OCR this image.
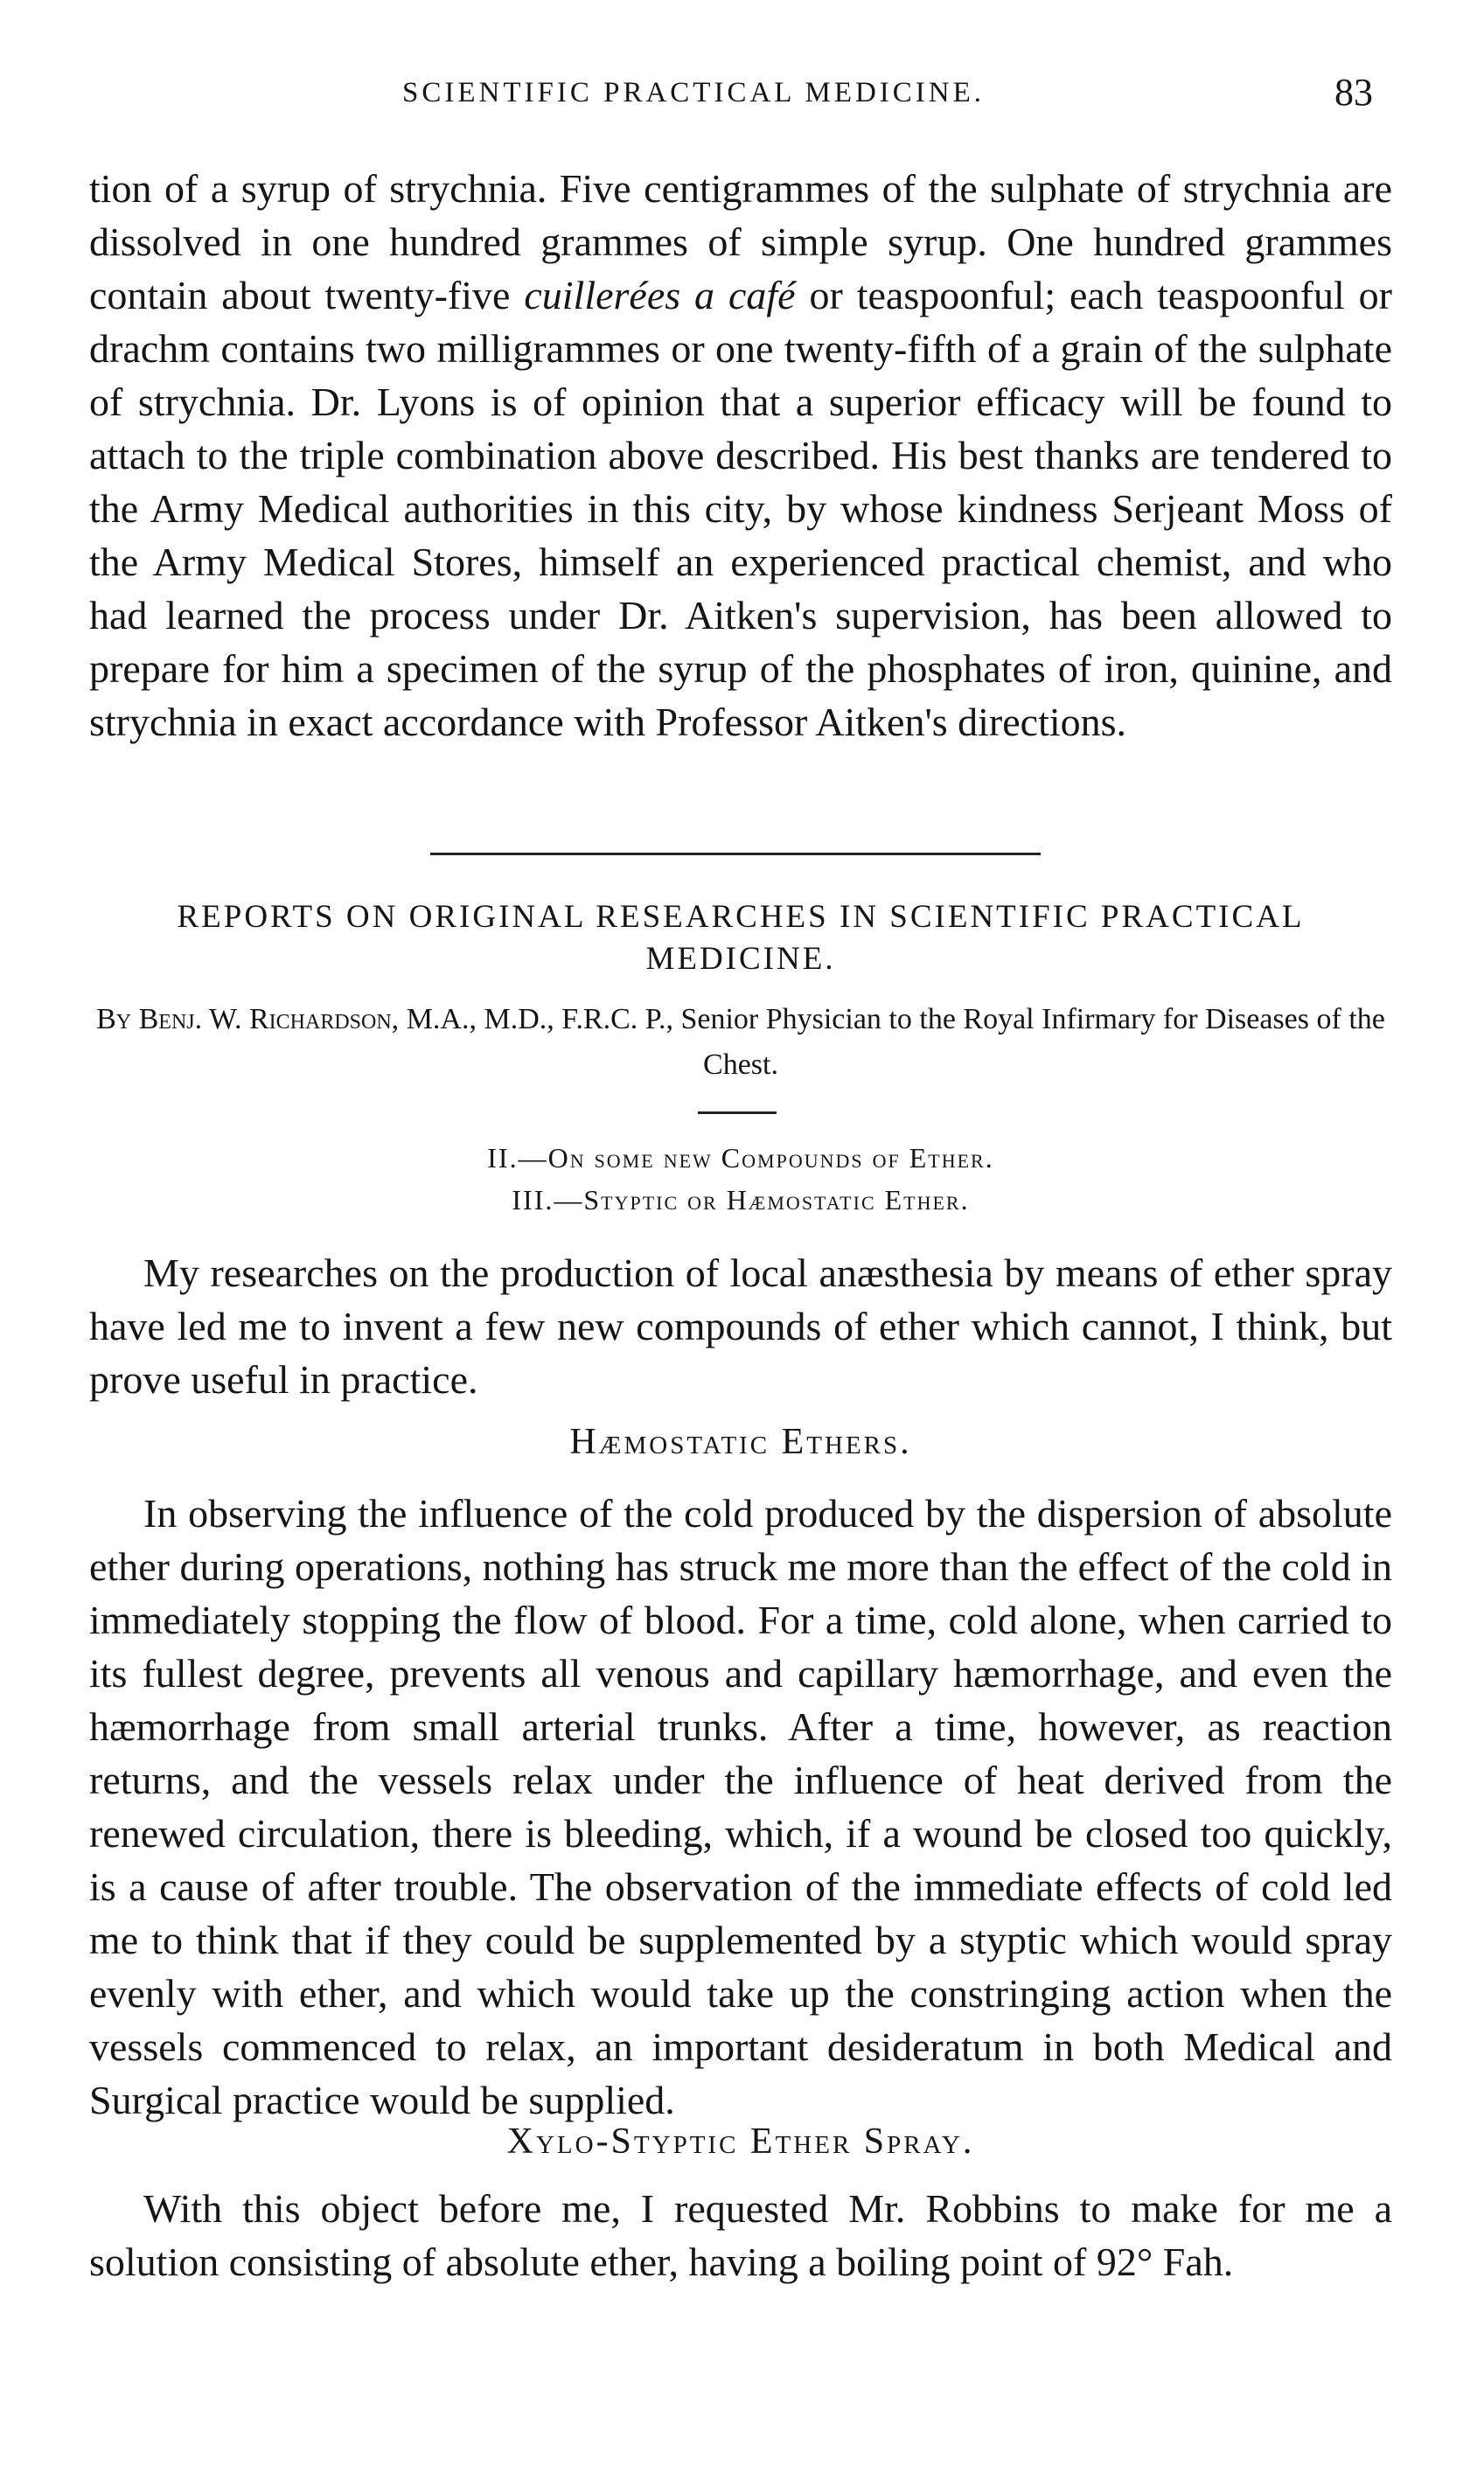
SCIENTIFIC PRACTICAL MEDICINE.	83

tion of a syrup of strychnia. Five centigrammes of the sulphate of strychnia are dissolved in one hundred grammes of simple syrup. One hundred grammes contain about twenty-five cuillerées a café or teaspoonful; each teaspoonful or drachm contains two milligrammes or one twenty-fifth of a grain of the sulphate of strychnia. Dr. Lyons is of opinion that a superior efficacy will be found to attach to the triple combination above described. His best thanks are tendered to the Army Medical authorities in this city, by whose kindness Serjeant Moss of the Army Medical Stores, himself an experienced practical chemist, and who had learned the process under Dr. Aitken's supervision, has been allowed to prepare for him a specimen of the syrup of the phosphates of iron, quinine, and strychnia in exact accordance with Professor Aitken's directions.

REPORTS ON ORIGINAL RESEARCHES IN SCIENTIFIC PRACTICAL MEDICINE.

By Benj. W. Richardson, M.A., M.D., F.R.C. P., Senior Physician to the Royal Infirmary for Diseases of the Chest.

II.—On some new Compounds of Ether.
III.—Styptic or Hæmostatic Ether.

My researches on the production of local anæsthesia by means of ether spray have led me to invent a few new compounds of ether which cannot, I think, but prove useful in practice.

Hæmostatic Ethers.

In observing the influence of the cold produced by the dispersion of absolute ether during operations, nothing has struck me more than the effect of the cold in immediately stopping the flow of blood. For a time, cold alone, when carried to its fullest degree, prevents all venous and capillary hæmorrhage, and even the hæmorrhage from small arterial trunks. After a time, however, as reaction returns, and the vessels relax under the influence of heat derived from the renewed circulation, there is bleeding, which, if a wound be closed too quickly, is a cause of after trouble. The observation of the immediate effects of cold led me to think that if they could be supplemented by a styptic which would spray evenly with ether, and which would take up the constringing action when the vessels commenced to relax, an important desideratum in both Medical and Surgical practice would be supplied.

Xylo-Styptic Ether Spray.

With this object before me, I requested Mr. Robbins to make for me a solution consisting of absolute ether, having a boiling point of 92° Fah.
